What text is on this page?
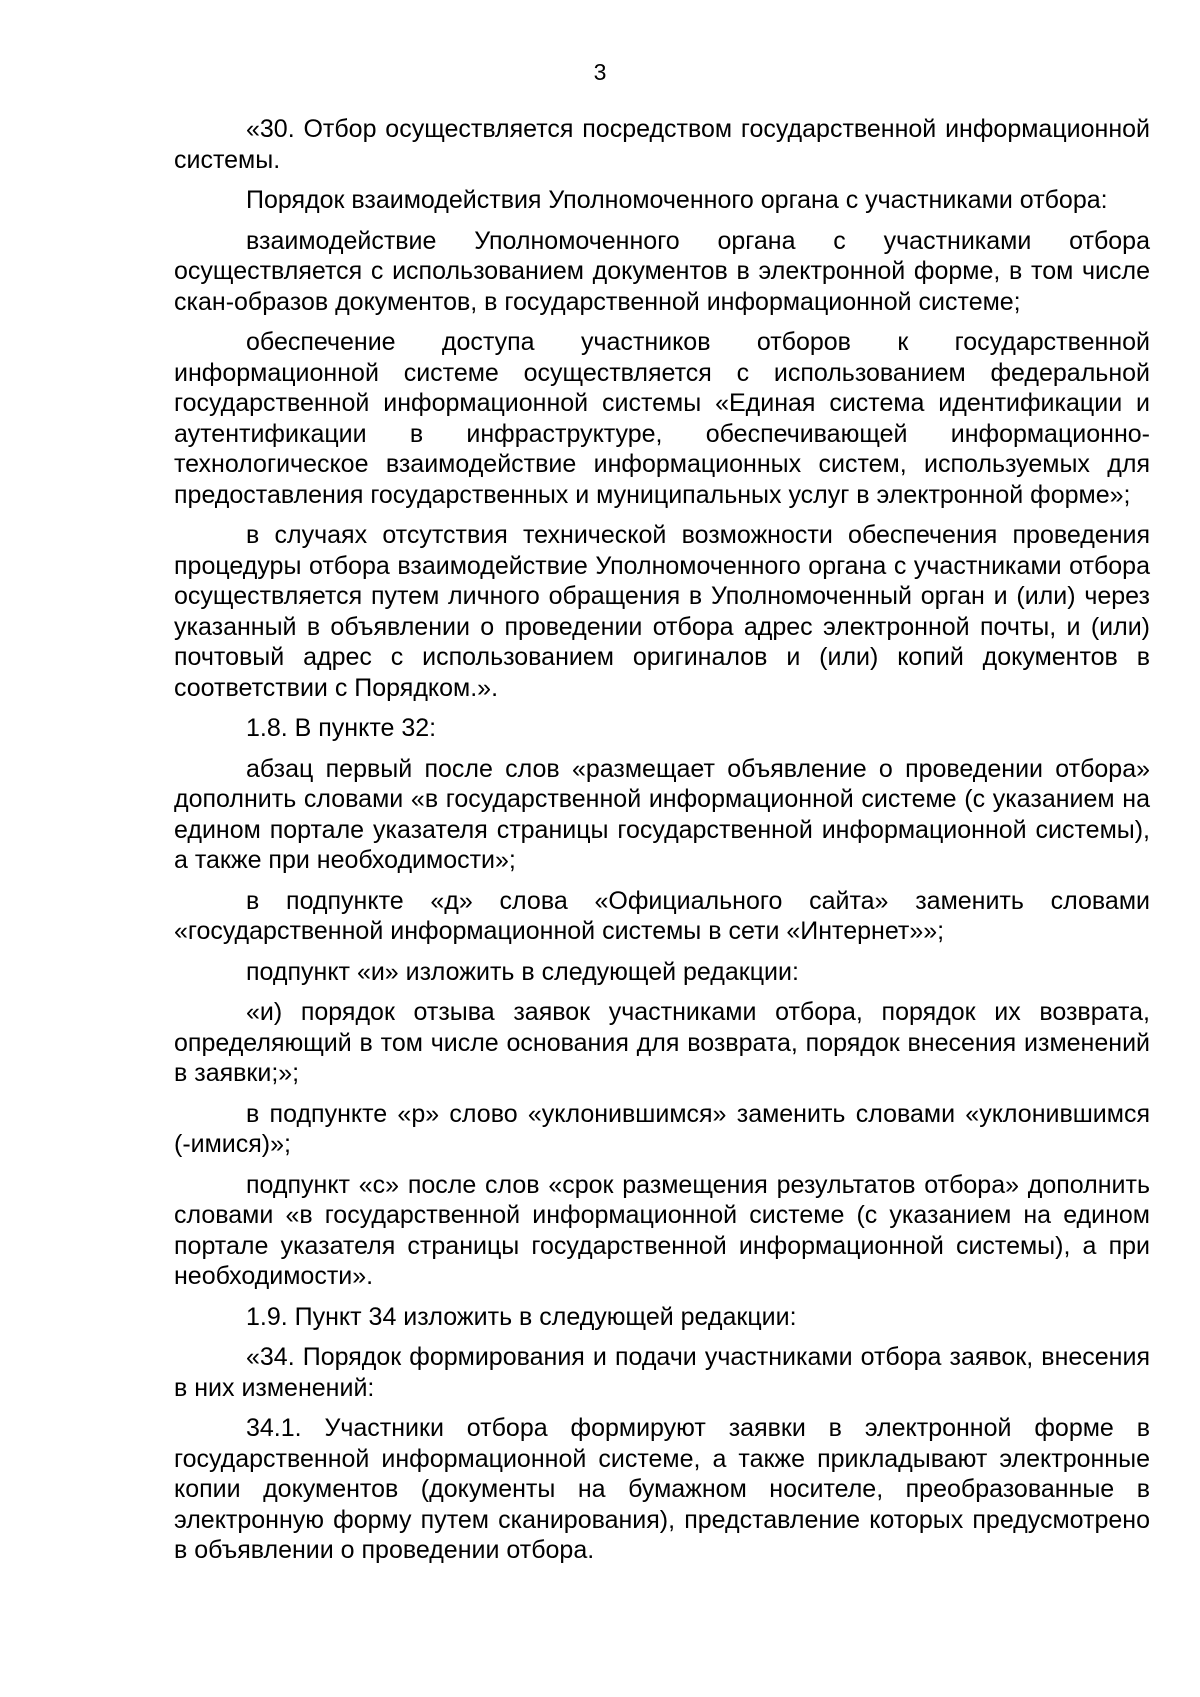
3

«30. Отбор осуществляется посредством государственной информационной системы.

Порядок взаимодействия Уполномоченного органа с участниками отбора:

взаимодействие Уполномоченного органа с участниками отбора осуществляется с использованием документов в электронной форме, в том числе скан-образов документов, в государственной информационной системе;

обеспечение доступа участников отборов к государственной информационной системе осуществляется с использованием федеральной государственной информационной системы «Единая система идентификации и аутентификации в инфраструктуре, обеспечивающей информационно-технологическое взаимодействие информационных систем, используемых для предоставления государственных и муниципальных услуг в электронной форме»;

в случаях отсутствия технической возможности обеспечения проведения процедуры отбора взаимодействие Уполномоченного органа с участниками отбора осуществляется путем личного обращения в Уполномоченный орган и (или) через указанный в объявлении о проведении отбора адрес электронной почты, и (или) почтовый адрес с использованием оригиналов и (или) копий документов в соответствии с Порядком.».

1.8. В пункте 32:

абзац первый после слов «размещает объявление о проведении отбора» дополнить словами «в государственной информационной системе (с указанием на едином портале указателя страницы государственной информационной системы), а также при необходимости»;

в подпункте «д» слова «Официального сайта» заменить словами «государственной информационной системы в сети «Интернет»»;

подпункт «и» изложить в следующей редакции:

«и) порядок отзыва заявок участниками отбора, порядок их возврата, определяющий в том числе основания для возврата, порядок внесения изменений в заявки;»;

в подпункте «р» слово «уклонившимся» заменить словами «уклонившимся (-имися)»;

подпункт «с» после слов «срок размещения результатов отбора» дополнить словами «в государственной информационной системе (с указанием на едином портале указателя страницы государственной информационной системы), а при необходимости».

1.9. Пункт 34 изложить в следующей редакции:

«34. Порядок формирования и подачи участниками отбора заявок, внесения в них изменений:

34.1. Участники отбора формируют заявки в электронной форме в государственной информационной системе, а также прикладывают электронные копии документов (документы на бумажном носителе, преобразованные в электронную форму путем сканирования), представление которых предусмотрено в объявлении о проведении отбора.
